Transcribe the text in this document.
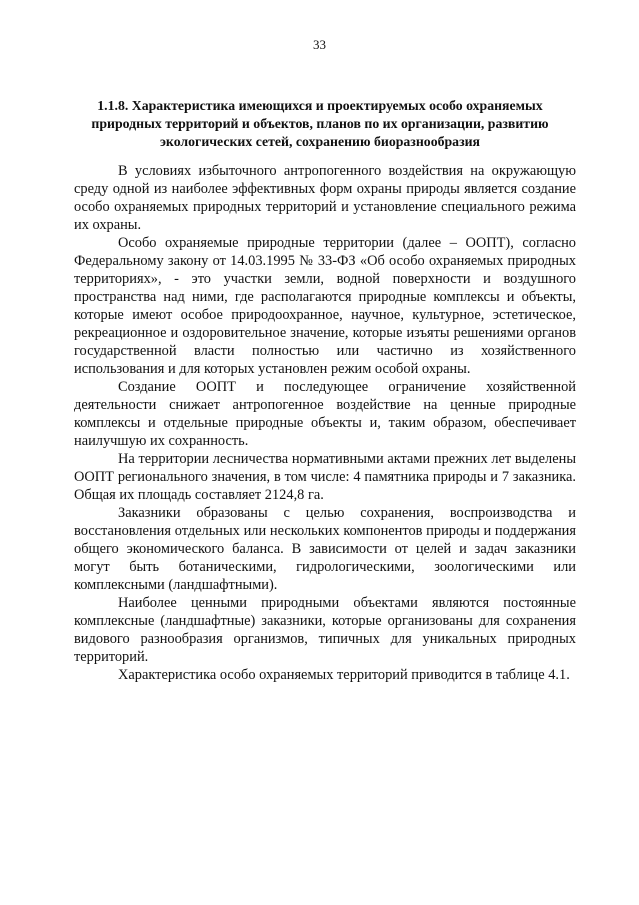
33
1.1.8. Характеристика имеющихся и проектируемых особо охраняемых
природных территорий и объектов, планов по их организации, развитию
экологических сетей, сохранению биоразнообразия

В условиях избыточного антропогенного воздействия на окружающую среду одной из наиболее эффективных форм охраны природы является создание особо охраняемых природных территорий и установление специального режима их охраны.

Особо охраняемые природные территории (далее – ООПТ), согласно Федеральному закону от 14.03.1995 № 33-ФЗ «Об особо охраняемых природных территориях», - это участки земли, водной поверхности и воздушного пространства над ними, где располагаются природные комплексы и объекты, которые имеют особое природоохранное, научное, культурное, эстетическое, рекреационное и оздоровительное значение, которые изъяты решениями органов государственной власти полностью или частично из хозяйственного использования и для которых установлен режим особой охраны.

Создание ООПТ и последующее ограничение хозяйственной деятельности снижает антропогенное воздействие на ценные природные комплексы и отдельные природные объекты и, таким образом, обеспечивает наилучшую их сохранность.

На территории лесничества нормативными актами прежних лет выделены ООПТ регионального значения, в том числе: 4 памятника природы и 7 заказника. Общая их площадь составляет 2124,8 га.

Заказники образованы с целью сохранения, воспроизводства и восстановления отдельных или нескольких компонентов природы и поддержания общего экономического баланса. В зависимости от целей и задач заказники могут быть ботаническими, гидрологическими, зоологическими или комплексными (ландшафтными).

Наиболее ценными природными объектами являются постоянные комплексные (ландшафтные) заказники, которые организованы для сохранения видового разнообразия организмов, типичных для уникальных природных территорий.

Характеристика особо охраняемых территорий приводится в таблице 4.1.
